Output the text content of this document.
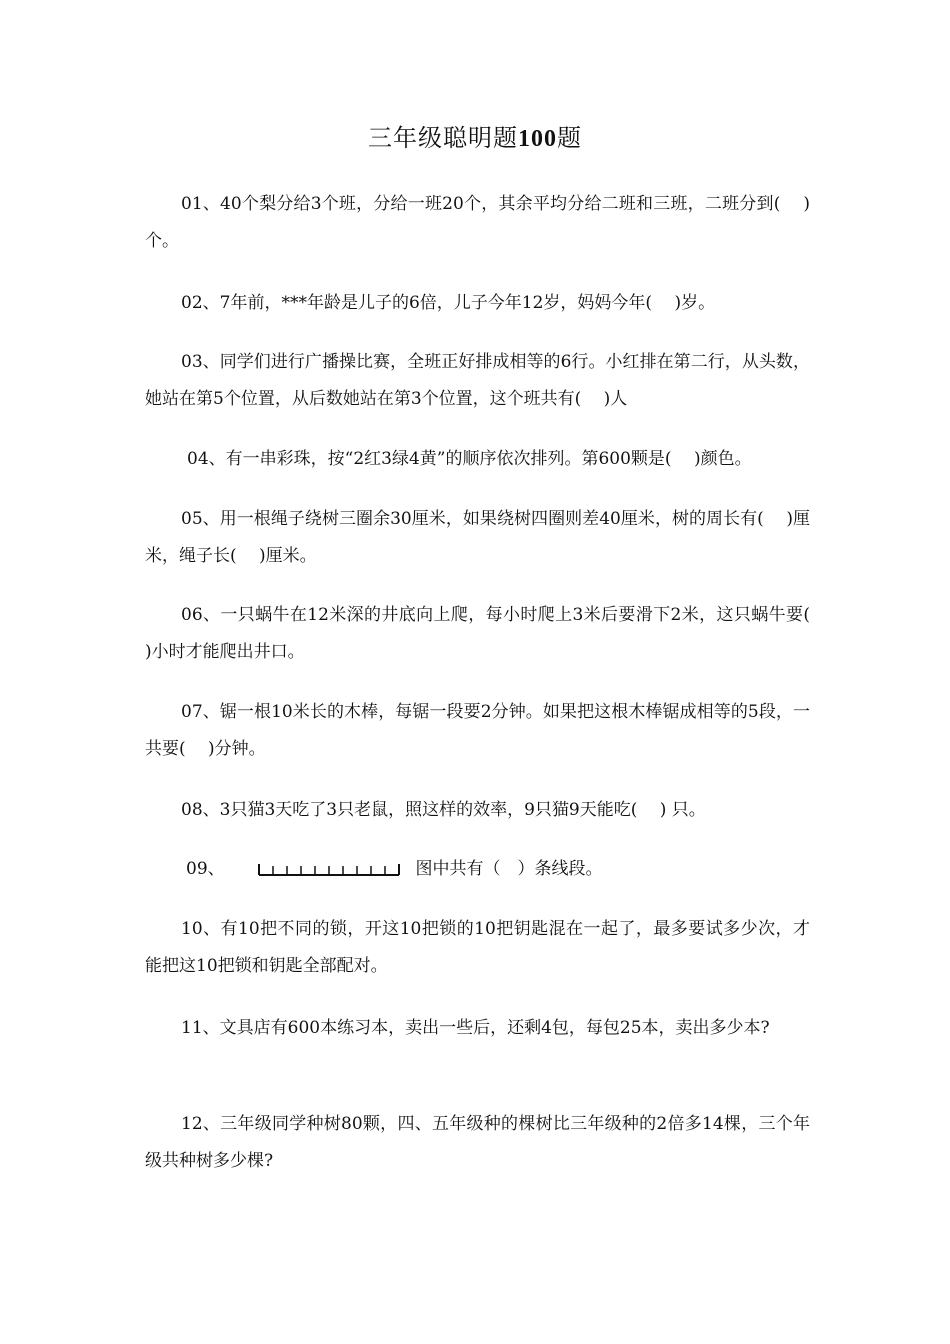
三年级聪明题100题
01、40个梨分给3个班，分给一班20个，其余平均分给二班和三班，二班分到(　 )个。
02、7年前，***年龄是儿子的6倍，儿子今年12岁，妈妈今年(　 )岁。
03、同学们进行广播操比赛，全班正好排成相等的6行。小红排在第二行，从头数，她站在第5个位置，从后数她站在第3个位置，这个班共有(　 )人
04、有一串彩珠，按“2红3绿4黄”的顺序依次排列。第600颗是(　 )颜色。
05、用一根绳子绕树三圈余30厘米，如果绕树四圈则差40厘米，树的周长有(　 )厘米，绳子长(　 )厘米。
06、一只蜗牛在12米深的井底向上爬，每小时爬上3米后要滑下2米，这只蜗牛要(　 )小时才能爬出井口。
07、锯一根10米长的木棒，每锯一段要2分钟。如果把这根木棒锯成相等的5段，一共要(　 )分钟。
08、3只猫3天吃了3只老鼠，照这样的效率，9只猫9天能吃(　 ) 只。
09、	图中共有（　）条线段。
10、有10把不同的锁，开这10把锁的10把钥匙混在一起了，最多要试多少次，才能把这10把锁和钥匙全部配对。
11、文具店有600本练习本，卖出一些后，还剩4包，每包25本，卖出多少本?
12、三年级同学种树80颗，四、五年级种的棵树比三年级种的2倍多14棵，三个年级共种树多少棵?
